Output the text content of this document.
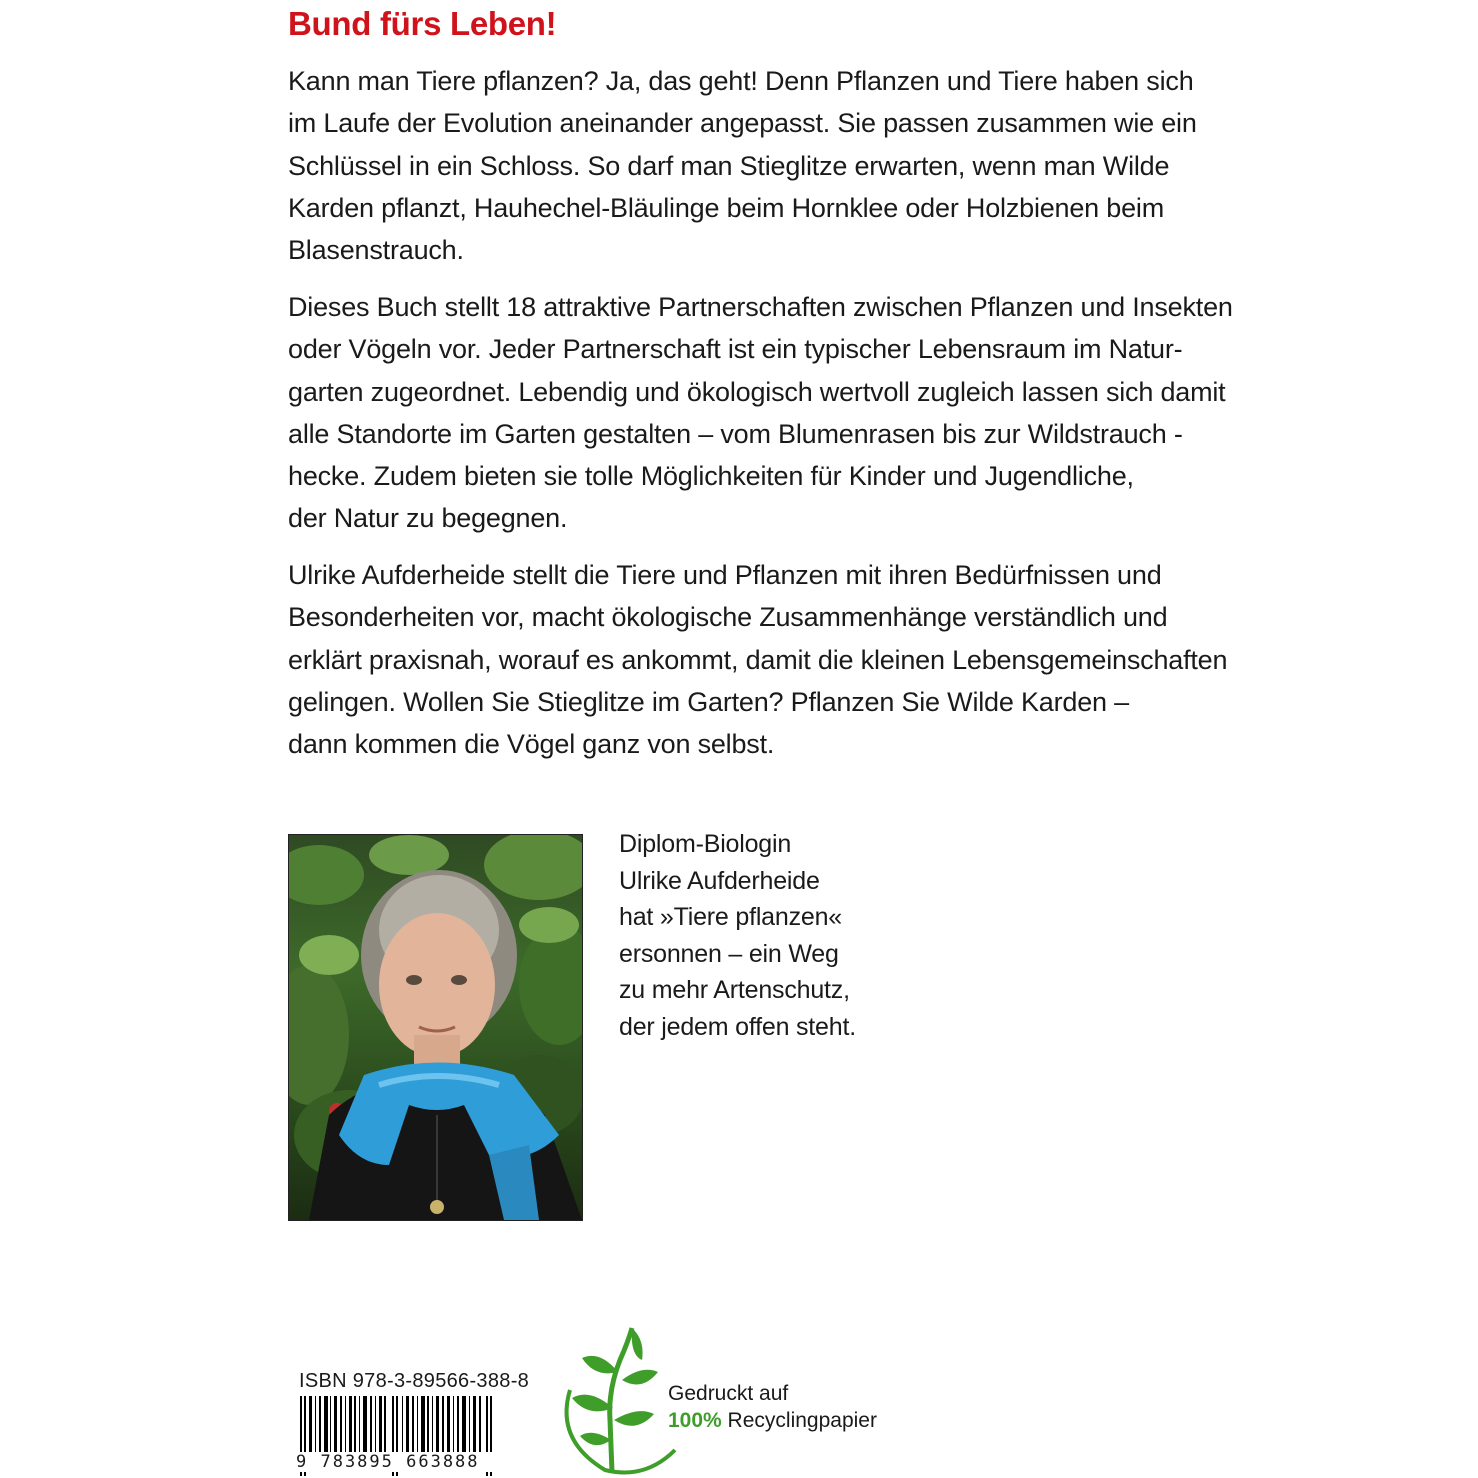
Bund fürs Leben!
Kann man Tiere pflanzen? Ja, das geht! Denn Pflanzen und Tiere haben sich
im Laufe der Evolution aneinander angepasst. Sie passen zusammen wie ein
Schlüssel in ein Schloss. So darf man Stieglitze erwarten, wenn man Wilde
Karden pflanzt, Hauhechel-Bläulinge beim Hornklee oder Holzbienen beim
Blasenstrauch.
Dieses Buch stellt 18 attraktive Partnerschaften zwischen Pflanzen und Insekten
oder Vögeln vor. Jeder Partnerschaft ist ein typischer Lebensraum im Natur-
garten zugeordnet. Lebendig und ökologisch wertvoll zugleich lassen sich damit
alle Standorte im Garten gestalten – vom Blumenrasen bis zur Wildstrauch -
hecke. Zudem bieten sie tolle Möglichkeiten für Kinder und Jugendliche,
der Natur zu begegnen.
Ulrike Aufderheide stellt die Tiere und Pflanzen mit ihren Bedürfnissen und
Besonderheiten vor, macht ökologische Zusammenhänge verständlich und
erklärt praxisnah, worauf es ankommt, damit die kleinen Lebensgemeinschaften
gelingen. Wollen Sie Stieglitze im Garten? Pflanzen Sie Wilde Karden –
dann kommen die Vögel ganz von selbst.
Diplom-Biologin
Ulrike Aufderheide
hat »Tiere pflanzen«
ersonnen – ein Weg
zu mehr Artenschutz,
der jedem offen steht.
ISBN 978-3-89566-388-8
9 783895 663888
Gedruckt auf
100% Recyclingpapier
